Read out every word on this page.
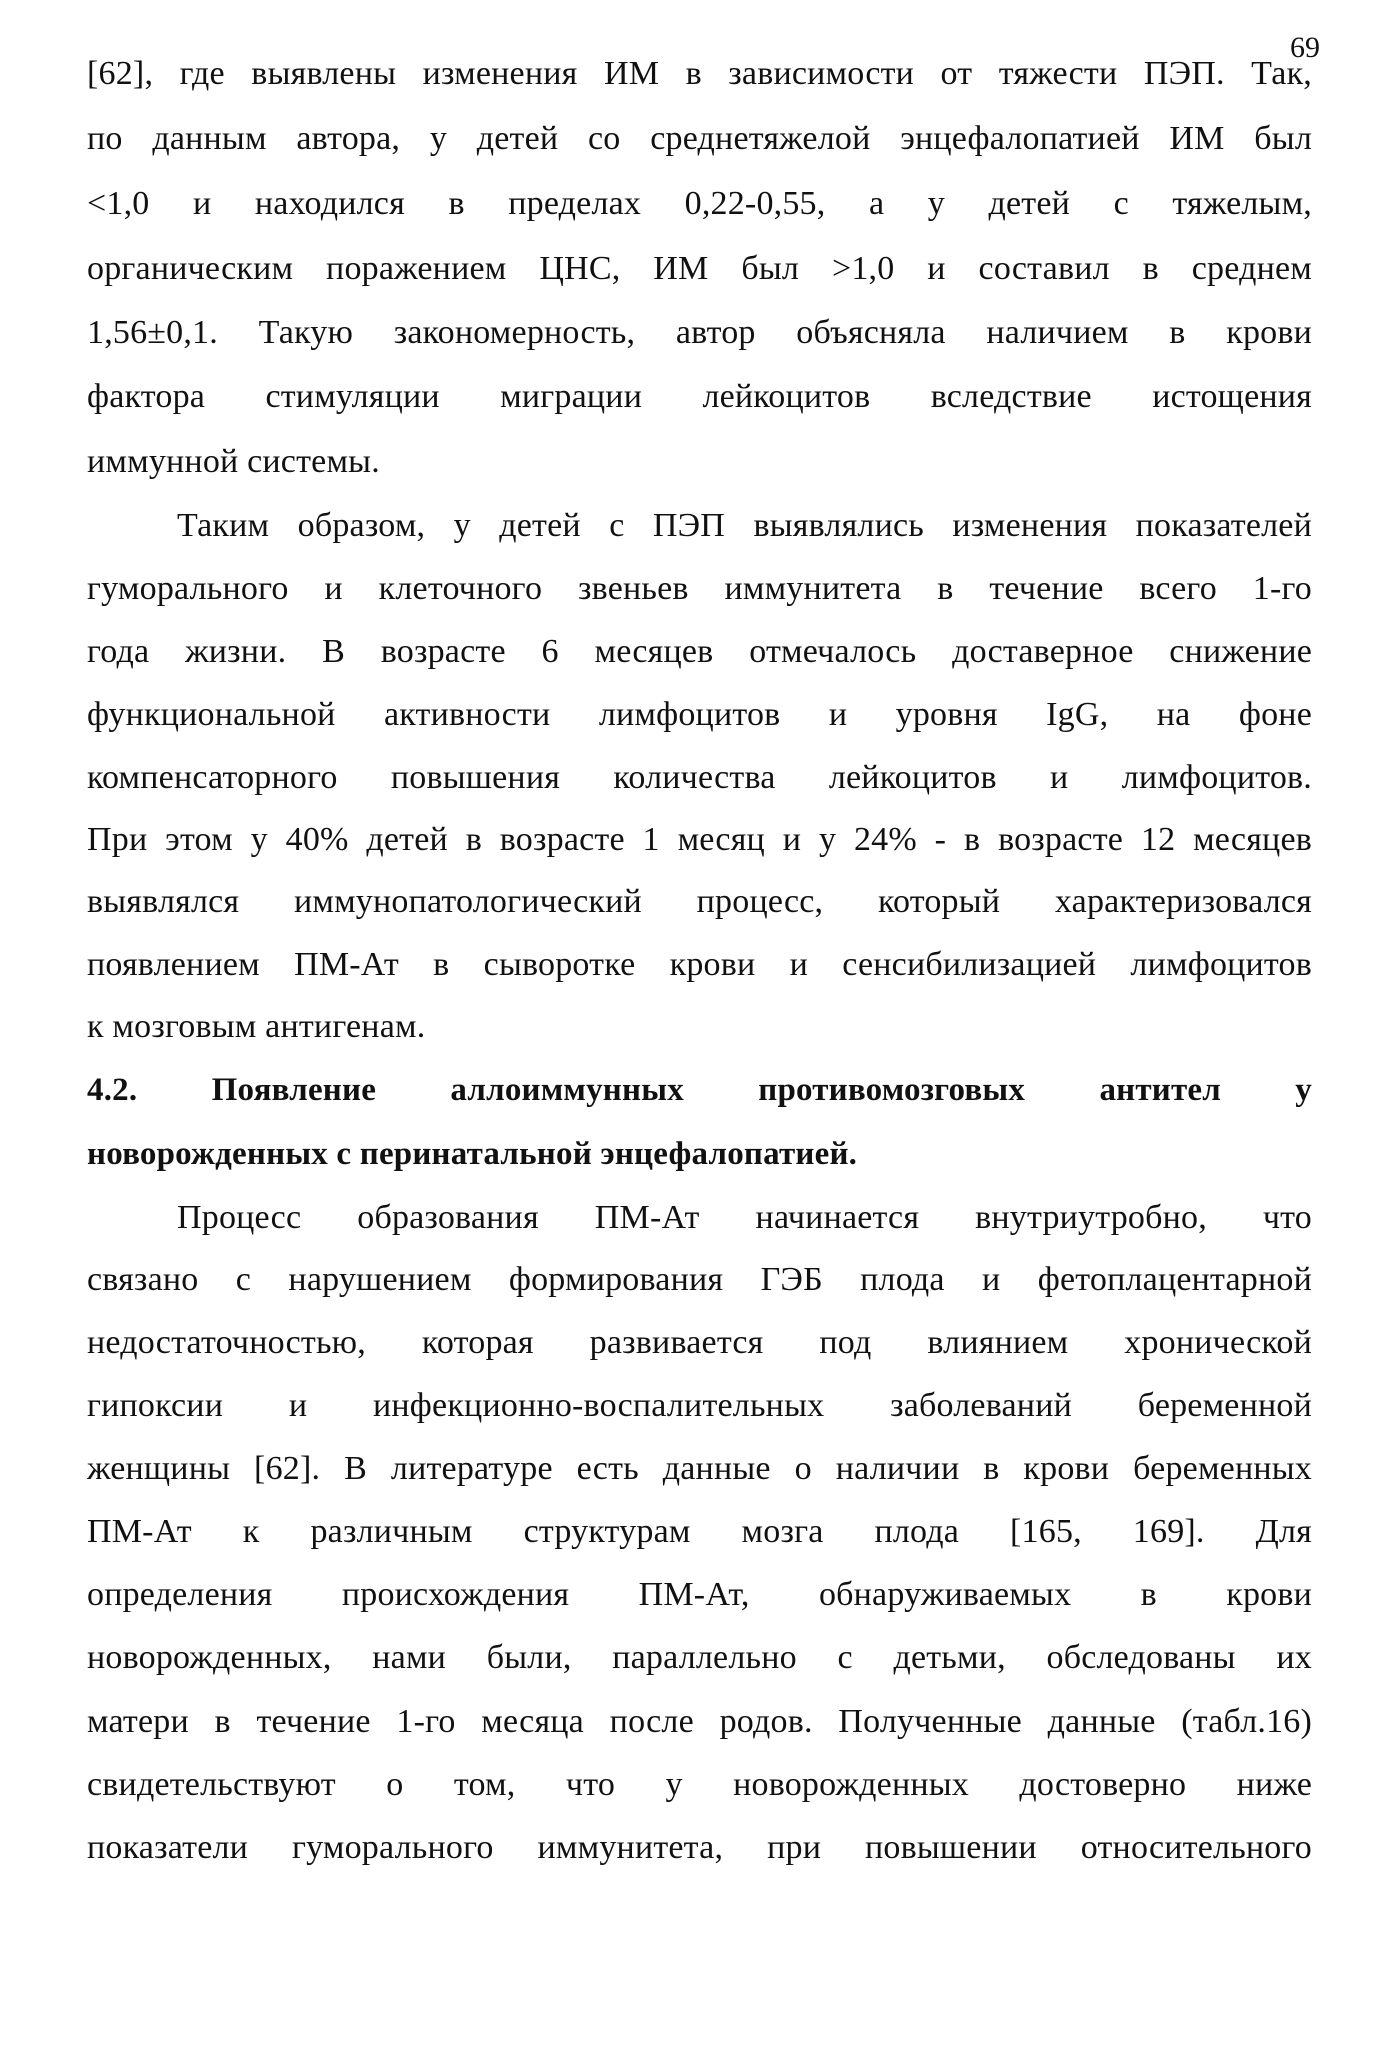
69
[62], где выявлены изменения ИМ в зависимости от тяжести ПЭП. Так,
по данным автора, у детей со среднетяжелой энцефалопатией ИМ был
<1,0 и находился в пределах 0,22-0,55, а у детей с тяжелым,
органическим поражением ЦНС, ИМ был >1,0 и составил в среднем
1,56±0,1. Такую закономерность, автор объясняла наличием в крови
фактора стимуляции миграции лейкоцитов вследствие истощения
иммунной системы.
Таким образом, у детей с ПЭП выявлялись изменения показателей
гуморального и клеточного звеньев иммунитета в течение всего 1-го
года жизни. В возрасте 6 месяцев отмечалось доставерное снижение
функциональной активности лимфоцитов и уровня IgG, на фоне
компенсаторного повышения количества лейкоцитов и лимфоцитов.
При этом у 40% детей в возрасте 1 месяц и у 24% - в возрасте 12 месяцев
выявлялся иммунопатологический процесс, который характеризовался
появлением ПМ-Ат в сыворотке крови и сенсибилизацией лимфоцитов
к мозговым антигенам.
4.2. Появление аллоиммунных противомозговых антител у
новорожденных с перинатальной энцефалопатией.
Процесс образования ПМ-Ат начинается внутриутробно, что
связано с нарушением формирования ГЭБ плода и фетоплацентарной
недостаточностью, которая развивается под влиянием хронической
гипоксии и инфекционно-воспалительных заболеваний беременной
женщины [62]. В литературе есть данные о наличии в крови беременных
ПМ-Ат к различным структурам мозга плода [165, 169]. Для
определения происхождения ПМ-Ат, обнаруживаемых в крови
новорожденных, нами были, параллельно с детьми, обследованы их
матери в течение 1-го месяца после родов. Полученные данные (табл.16)
свидетельствуют о том, что у новорожденных достоверно ниже
показатели гуморального иммунитета, при повышении относительного
